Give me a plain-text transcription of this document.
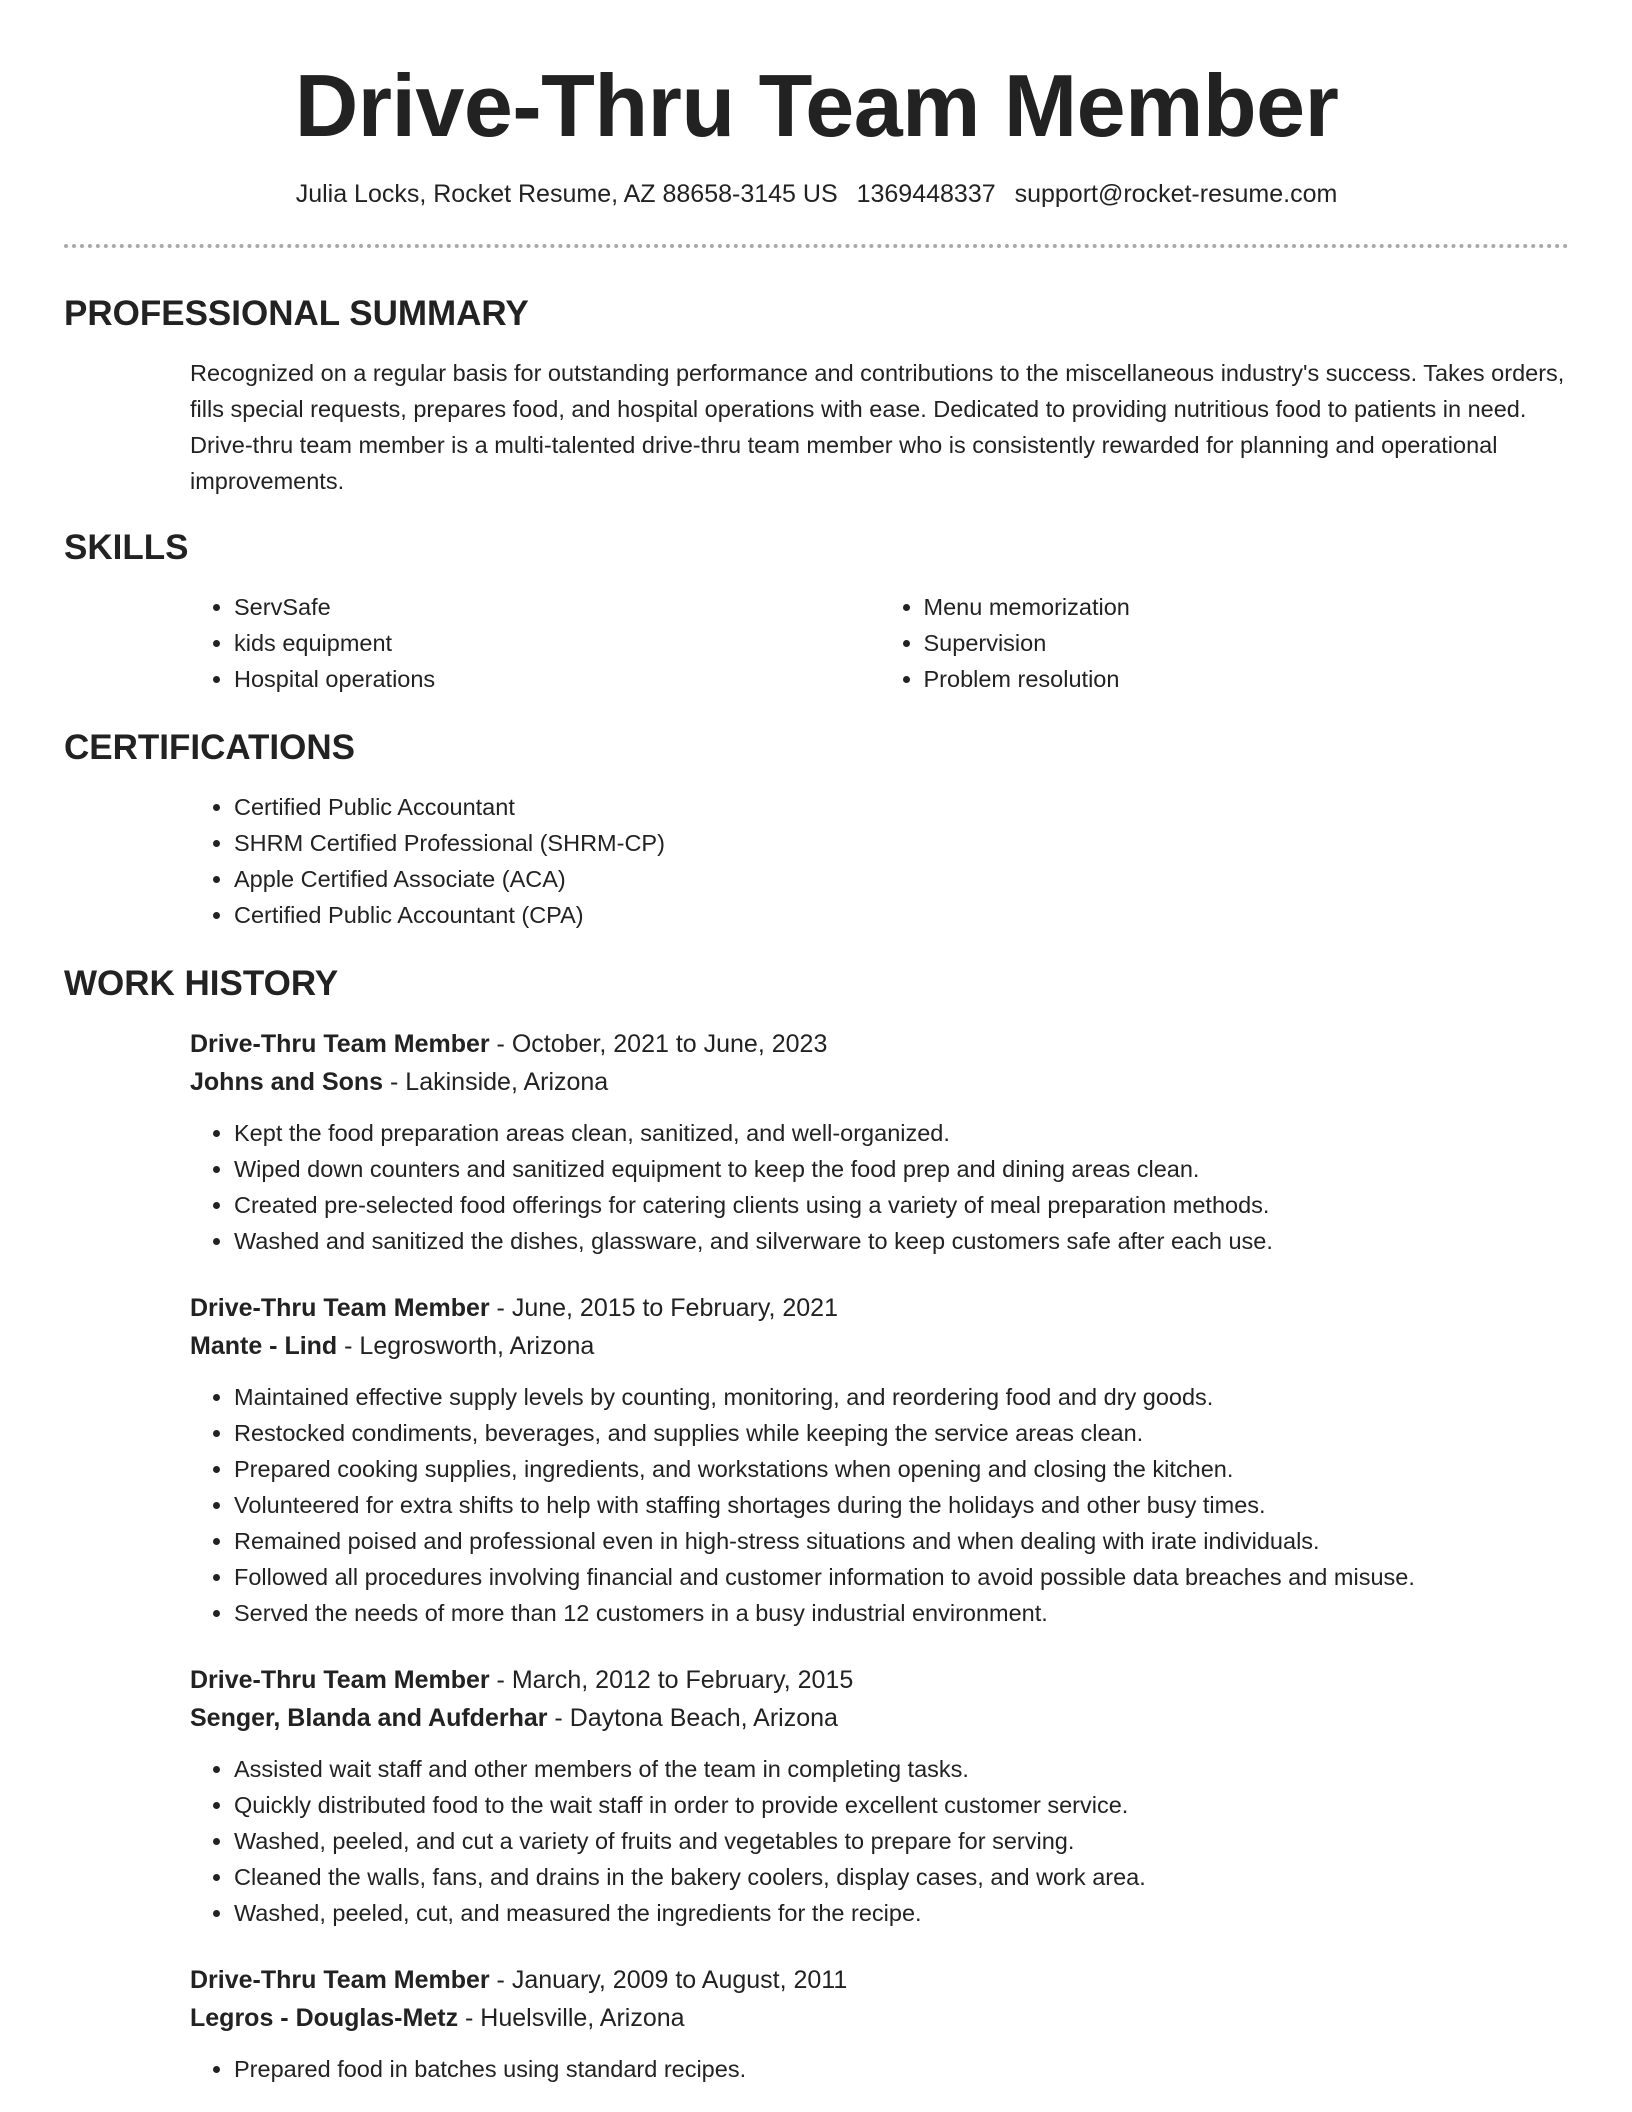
Drive-Thru Team Member
Julia Locks, Rocket Resume, AZ 88658-3145 US 1369448337 support@rocket-resume.com
PROFESSIONAL SUMMARY

Recognized on a regular basis for outstanding performance and contributions to the miscellaneous industry's success. Takes orders, fills special requests, prepares food, and hospital operations with ease. Dedicated to providing nutritious food to patients in need. Drive-thru team member is a multi-talented drive-thru team member who is consistently rewarded for planning and operational improvements.

SKILLS
• ServSafe
• kids equipment
• Hospital operations
• Menu memorization
• Supervision
• Problem resolution
CERTIFICATIONS
• Certified Public Accountant
• SHRM Certified Professional (SHRM-CP)
• Apple Certified Associate (ACA)
• Certified Public Accountant (CPA)
WORK HISTORY
Drive-Thru Team Member - October, 2021 to June, 2023
Johns and Sons - Lakinside, Arizona
• Kept the food preparation areas clean, sanitized, and well-organized.
• Wiped down counters and sanitized equipment to keep the food prep and dining areas clean.
• Created pre-selected food offerings for catering clients using a variety of meal preparation methods.
• Washed and sanitized the dishes, glassware, and silverware to keep customers safe after each use.
Drive-Thru Team Member - June, 2015 to February, 2021
Mante - Lind - Legrosworth, Arizona
• Maintained effective supply levels by counting, monitoring, and reordering food and dry goods.
• Restocked condiments, beverages, and supplies while keeping the service areas clean.
• Prepared cooking supplies, ingredients, and workstations when opening and closing the kitchen.
• Volunteered for extra shifts to help with staffing shortages during the holidays and other busy times.
• Remained poised and professional even in high-stress situations and when dealing with irate individuals.
• Followed all procedures involving financial and customer information to avoid possible data breaches and misuse.
• Served the needs of more than 12 customers in a busy industrial environment.
Drive-Thru Team Member - March, 2012 to February, 2015
Senger, Blanda and Aufderhar - Daytona Beach, Arizona
• Assisted wait staff and other members of the team in completing tasks.
• Quickly distributed food to the wait staff in order to provide excellent customer service.
• Washed, peeled, and cut a variety of fruits and vegetables to prepare for serving.
• Cleaned the walls, fans, and drains in the bakery coolers, display cases, and work area.
• Washed, peeled, cut, and measured the ingredients for the recipe.
Drive-Thru Team Member - January, 2009 to August, 2011
Legros - Douglas-Metz - Huelsville, Arizona
• Prepared food in batches using standard recipes.
